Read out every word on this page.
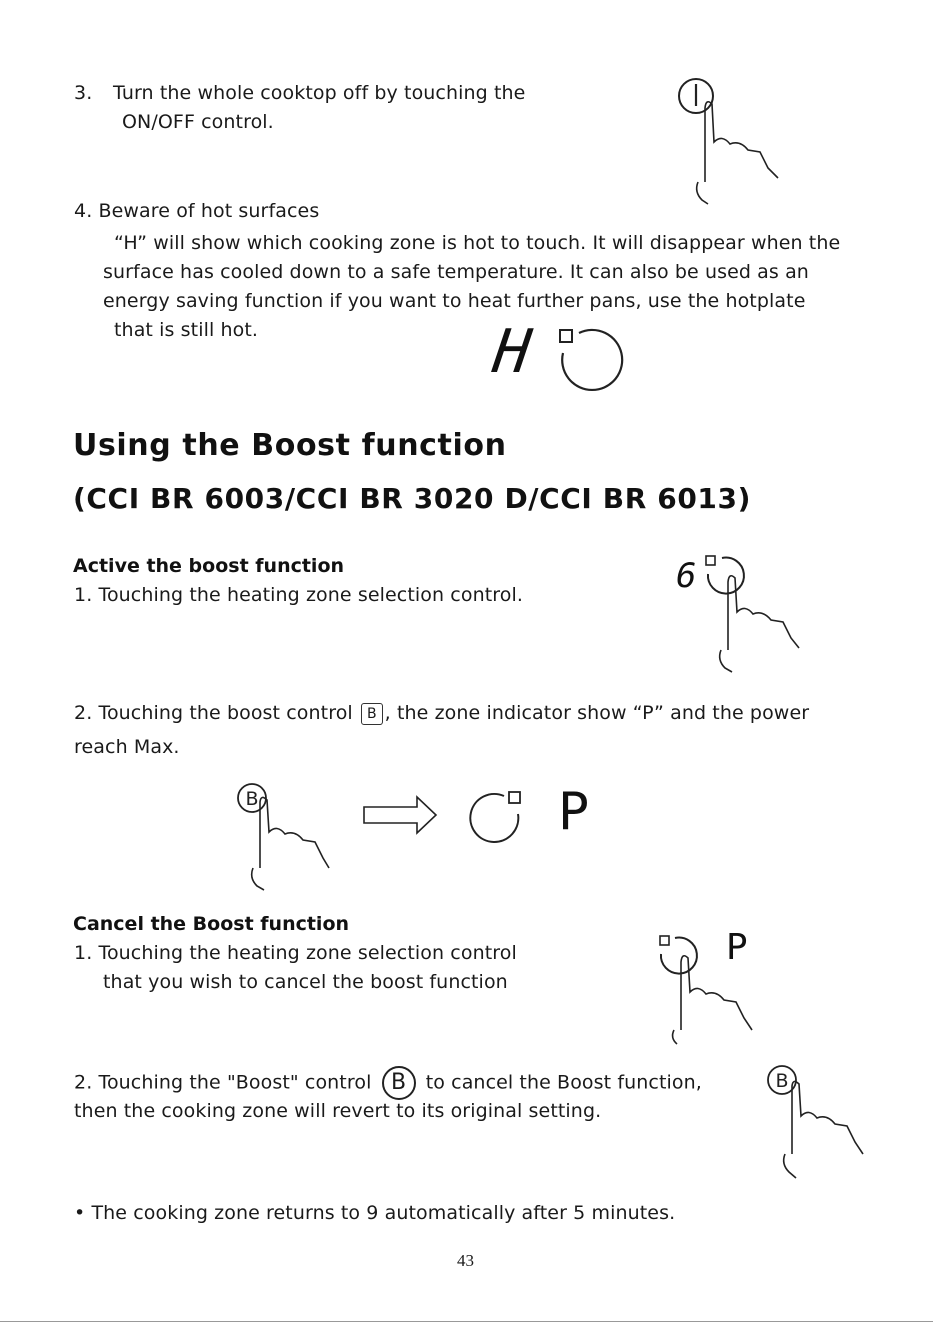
3. Turn the whole cooktop off by touching the
ON/OFF control.
4. Beware of hot surfaces
“H” will show which cooking zone is hot to touch. It will disappear when the
surface has cooled down to a safe temperature. It can also be used as an
energy saving function if you want to heat further pans, use the hotplate
that is still hot.	H
Using the Boost function
(CCI BR 6003/CCI BR 3020 D/CCI BR 6013)
Active the boost function
1. Touching the heating zone selection control.	6
2. Touching the boost control B , the zone indicator show “P” and the power
reach Max.
B	P
Cancel the Boost function
1. Touching the heating zone selection control
that you wish to cancel the boost function
P
2. Touching the "Boost" control B to cancel the Boost function,
then the cooking zone will revert to its original setting.
B
• The cooking zone returns to 9 automatically after 5 minutes.
43
